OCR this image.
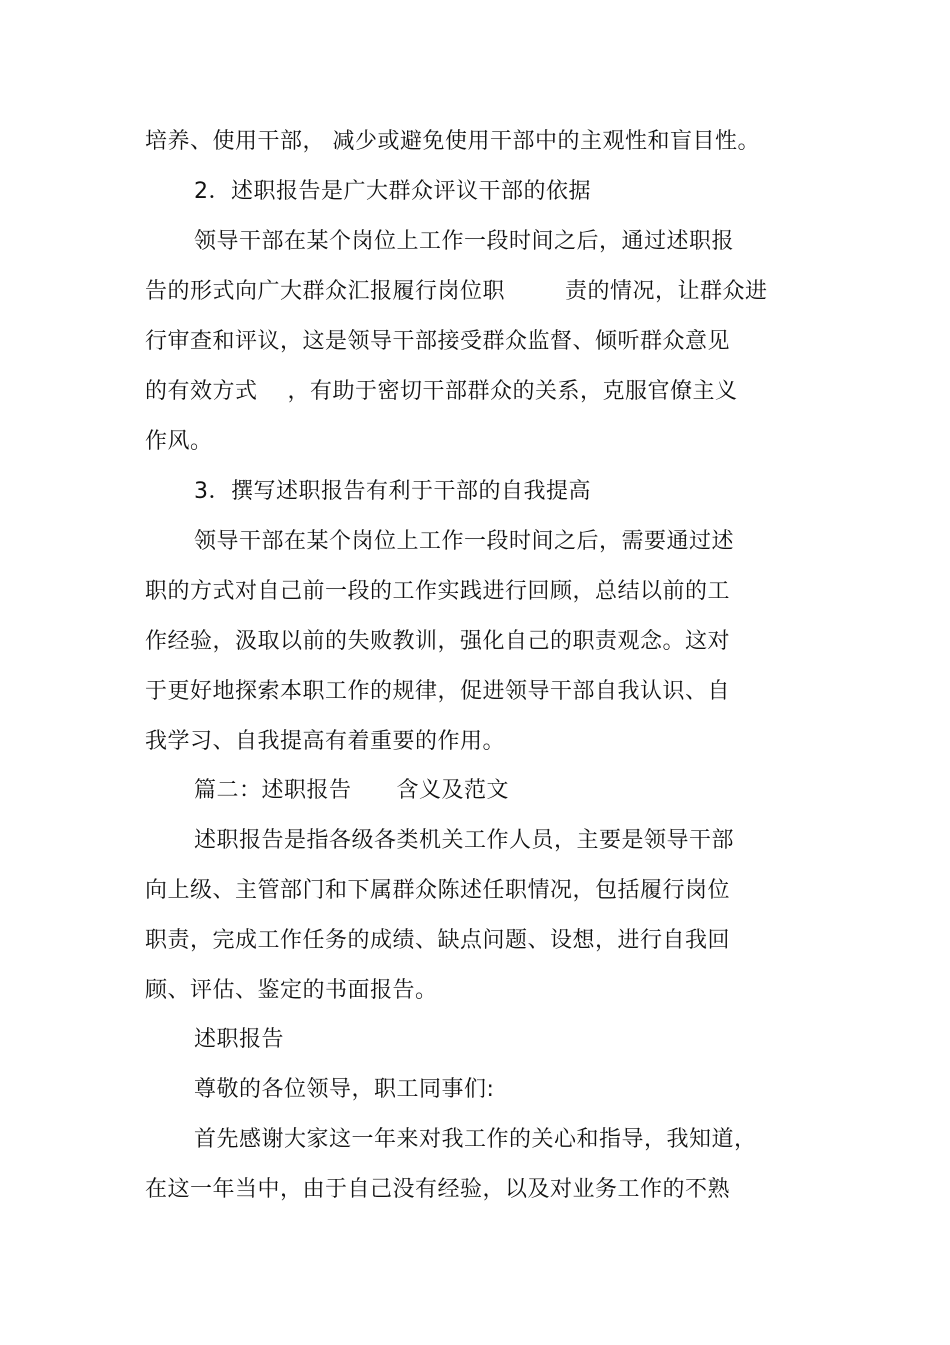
培养、使用干部， 减少或避免使用干部中的主观性和盲目性。
2．述职报告是广大群众评议干部的依据
领导干部在某个岗位上工作一段时间之后，通过述职报
告的形式向广大群众汇报履行岗位职        责的情况，让群众进
行审查和评议，这是领导干部接受群众监督、倾听群众意见
的有效方式    ，有助于密切干部群众的关系，克服官僚主义
作风。
3．撰写述职报告有利于干部的自我提高
领导干部在某个岗位上工作一段时间之后，需要通过述
职的方式对自己前一段的工作实践进行回顾，总结以前的工
作经验，汲取以前的失败教训，强化自己的职责观念。这对
于更好地探索本职工作的规律，促进领导干部自我认识、自
我学习、自我提高有着重要的作用。
篇二：述职报告      含义及范文
述职报告是指各级各类机关工作人员，主要是领导干部
向上级、主管部门和下属群众陈述任职情况，包括履行岗位
职责，完成工作任务的成绩、缺点问题、设想，进行自我回
顾、评估、鉴定的书面报告。
述职报告
尊敬的各位领导，职工同事们:
首先感谢大家这一年来对我工作的关心和指导，我知道，
在这一年当中，由于自己没有经验，以及对业务工作的不熟
